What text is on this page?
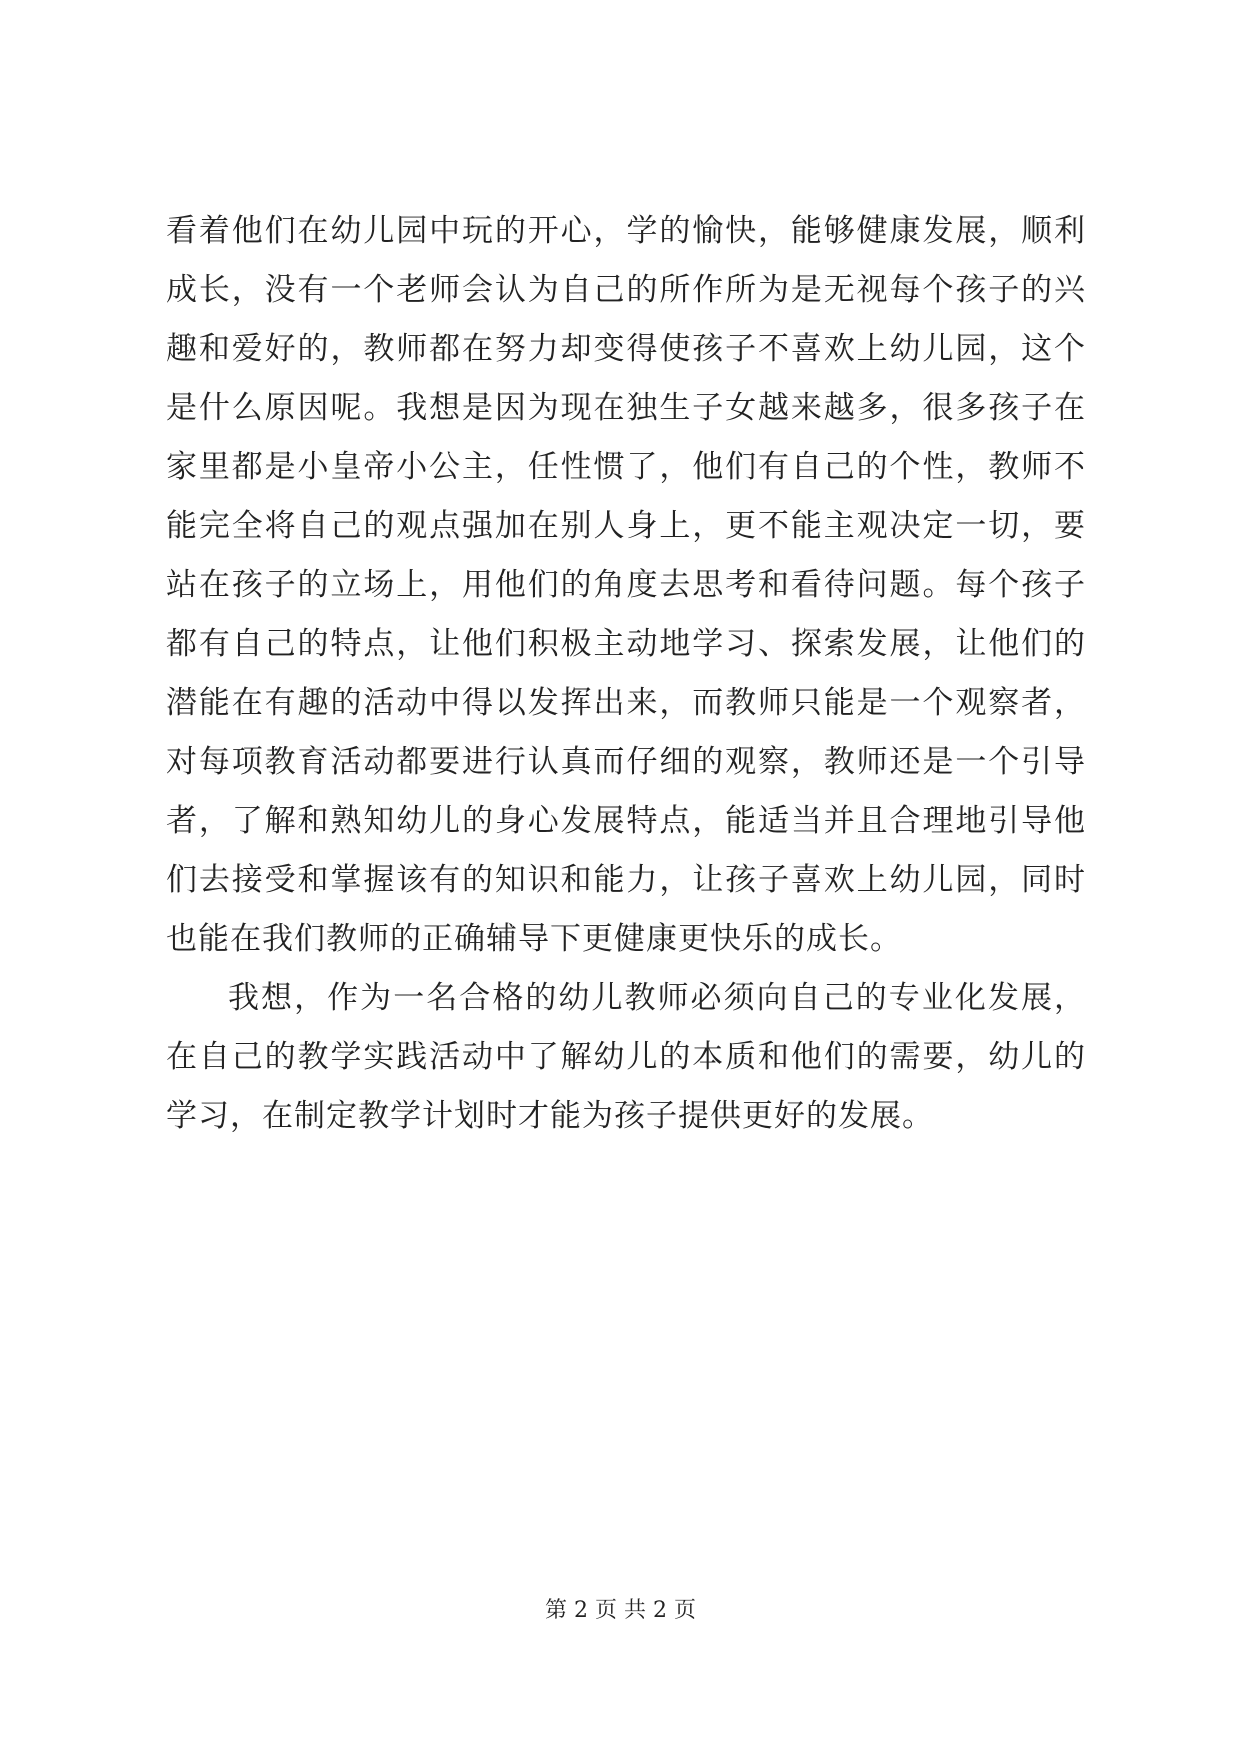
看着他们在幼儿园中玩的开心，学的愉快，能够健康发展，顺利成长，没有一个老师会认为自己的所作所为是无视每个孩子的兴趣和爱好的，教师都在努力却变得使孩子不喜欢上幼儿园，这个是什么原因呢。我想是因为现在独生子女越来越多，很多孩子在家里都是小皇帝小公主，任性惯了，他们有自己的个性，教师不能完全将自己的观点强加在别人身上，更不能主观决定一切，要站在孩子的立场上，用他们的角度去思考和看待问题。每个孩子都有自己的特点，让他们积极主动地学习、探索发展，让他们的潜能在有趣的活动中得以发挥出来，而教师只能是一个观察者，对每项教育活动都要进行认真而仔细的观察，教师还是一个引导者，了解和熟知幼儿的身心发展特点，能适当并且合理地引导他们去接受和掌握该有的知识和能力，让孩子喜欢上幼儿园，同时也能在我们教师的正确辅导下更健康更快乐的成长。

我想，作为一名合格的幼儿教师必须向自己的专业化发展，在自己的教学实践活动中了解幼儿的本质和他们的需要，幼儿的学习，在制定教学计划时才能为孩子提供更好的发展。

第 2 页 共 2 页
